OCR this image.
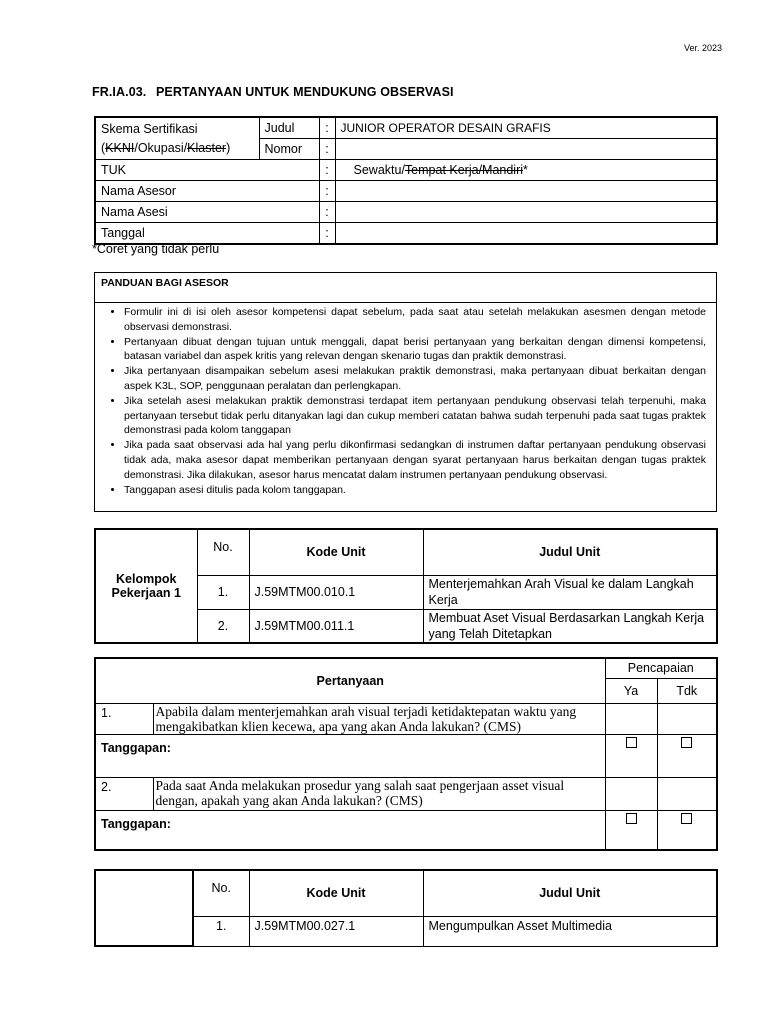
Ver. 2023
FR.IA.03. PERTANYAAN UNTUK MENDUKUNG OBSERVASI
Skema Sertifikasi
(KKNI/Okupasi/Klaster)	Judul	:	JUNIOR OPERATOR DESAIN GRAFIS
	Nomor	:	
TUK		:	Sewaktu/Tempat Kerja/Mandiri*
Nama Asesor		:	
Nama Asesi		:	
Tanggal		:	
*Coret yang tidak perlu
PANDUAN BAGI ASESOR
• Formulir ini di isi oleh asesor kompetensi dapat sebelum, pada saat atau setelah melakukan asesmen dengan metode observasi demonstrasi.
• Pertanyaan dibuat dengan tujuan untuk menggali, dapat berisi pertanyaan yang berkaitan dengan dimensi kompetensi, batasan variabel dan aspek kritis yang relevan dengan skenario tugas dan praktik demonstrasi.
• Jika pertanyaan disampaikan sebelum asesi melakukan praktik demonstrasi, maka pertanyaan dibuat berkaitan dengan aspek K3L, SOP, penggunaan peralatan dan perlengkapan.
• Jika setelah asesi melakukan praktik demonstrasi terdapat item pertanyaan pendukung observasi telah terpenuhi, maka pertanyaan tersebut tidak perlu ditanyakan lagi dan cukup memberi catatan bahwa sudah terpenuhi pada saat tugas praktek demonstrasi pada kolom tanggapan
• Jika pada saat observasi ada hal yang perlu dikonfirmasi sedangkan di instrumen daftar pertanyaan pendukung observasi tidak ada, maka asesor dapat memberikan pertanyaan dengan syarat pertanyaan harus berkaitan dengan tugas praktek demonstrasi. Jika dilakukan, asesor harus mencatat dalam instrumen pertanyaan pendukung observasi.
• Tanggapan asesi ditulis pada kolom tanggapan.
Kelompok Pekerjaan 1	No.	Kode Unit	Judul Unit
	1.	J.59MTM00.010.1	Menterjemahkan Arah Visual ke dalam Langkah Kerja
	2.	J.59MTM00.011.1	Membuat Aset Visual Berdasarkan Langkah Kerja yang Telah Ditetapkan
Pertanyaan		Pencapaian	
		Ya	Tdk
1.	Apabila dalam menterjemahkan arah visual terjadi ketidaktepatan waktu yang mengakibatkan klien kecewa, apa yang akan Anda lakukan? (CMS)		
Tanggapan:			
2.	Pada saat Anda melakukan prosedur yang salah saat pengerjaan asset visual dengan, apakah yang akan Anda lakukan? (CMS)		
Tanggapan:			
	No.	Kode Unit	Judul Unit
	1.	J.59MTM00.027.1	Mengumpulkan Asset Multimedia
